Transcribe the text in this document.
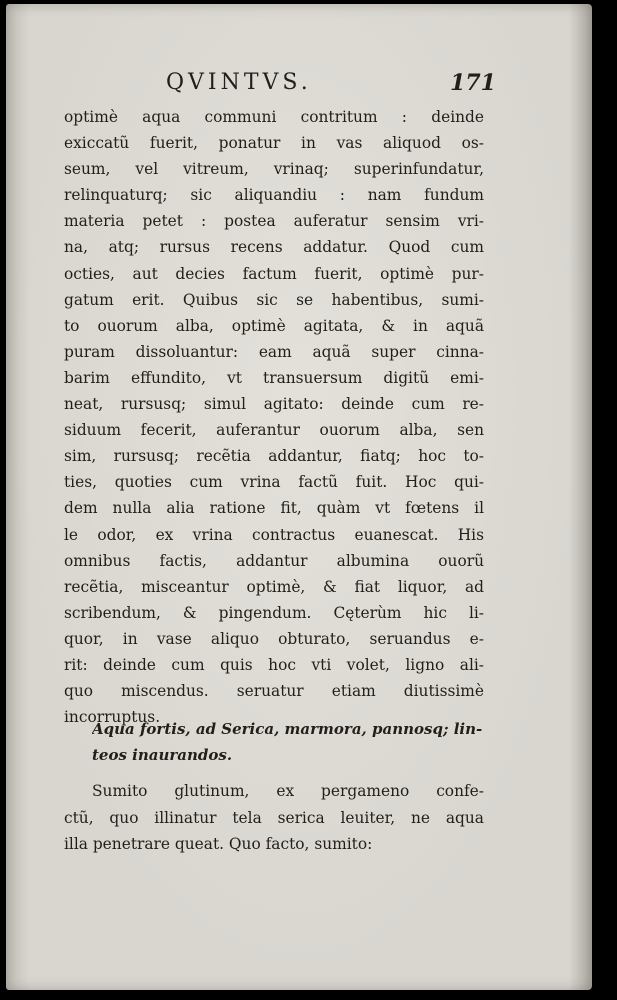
QVINTVS.	171
optimè aqua communi contritum : deinde
exiccatũ fuerit, ponatur in vas aliquod os-
seum, vel vitreum, vrinaq; superinfundatur,
relinquaturq; sic aliquandiu : nam fundum
materia petet : postea auferatur sensim vri-
na, atq; rursus recens addatur. Quod cum
octies, aut decies factum fuerit, optimè pur-
gatum erit. Quibus sic se habentibus, sumi-
to ouorum alba, optimè agitata, & in aquã
puram dissoluantur: eam aquã super cinna-
barim effundito, vt transuersum digitũ emi-
neat, rursusq; simul agitato: deinde cum re-
siduum fecerit, auferantur ouorum alba, sen
sim, rursusq; recẽtia addantur, fiatq; hoc to-
ties, quoties cum vrina factũ fuit. Hoc qui-
dem nulla alia ratione fit, quàm vt fœtens il
le odor, ex vrina contractus euanescat. His
omnibus factis, addantur albumina ouorũ
recẽtia, misceantur optimè, & fiat liquor, ad
scribendum, & pingendum. Cęterùm hic li-
quor, in vase aliquo obturato, seruandus e-
rit: deinde cum quis hoc vti volet, ligno ali-
quo miscendus. seruatur etiam diutissimè
incorruptus.
Aqua fortis, ad Serica, marmora, pannosq; lin-
teos inaurandos.
Sumito glutinum, ex pergameno confe-
ctũ, quo illinatur tela serica leuiter, ne aqua
illa penetrare queat. Quo facto, sumito:
